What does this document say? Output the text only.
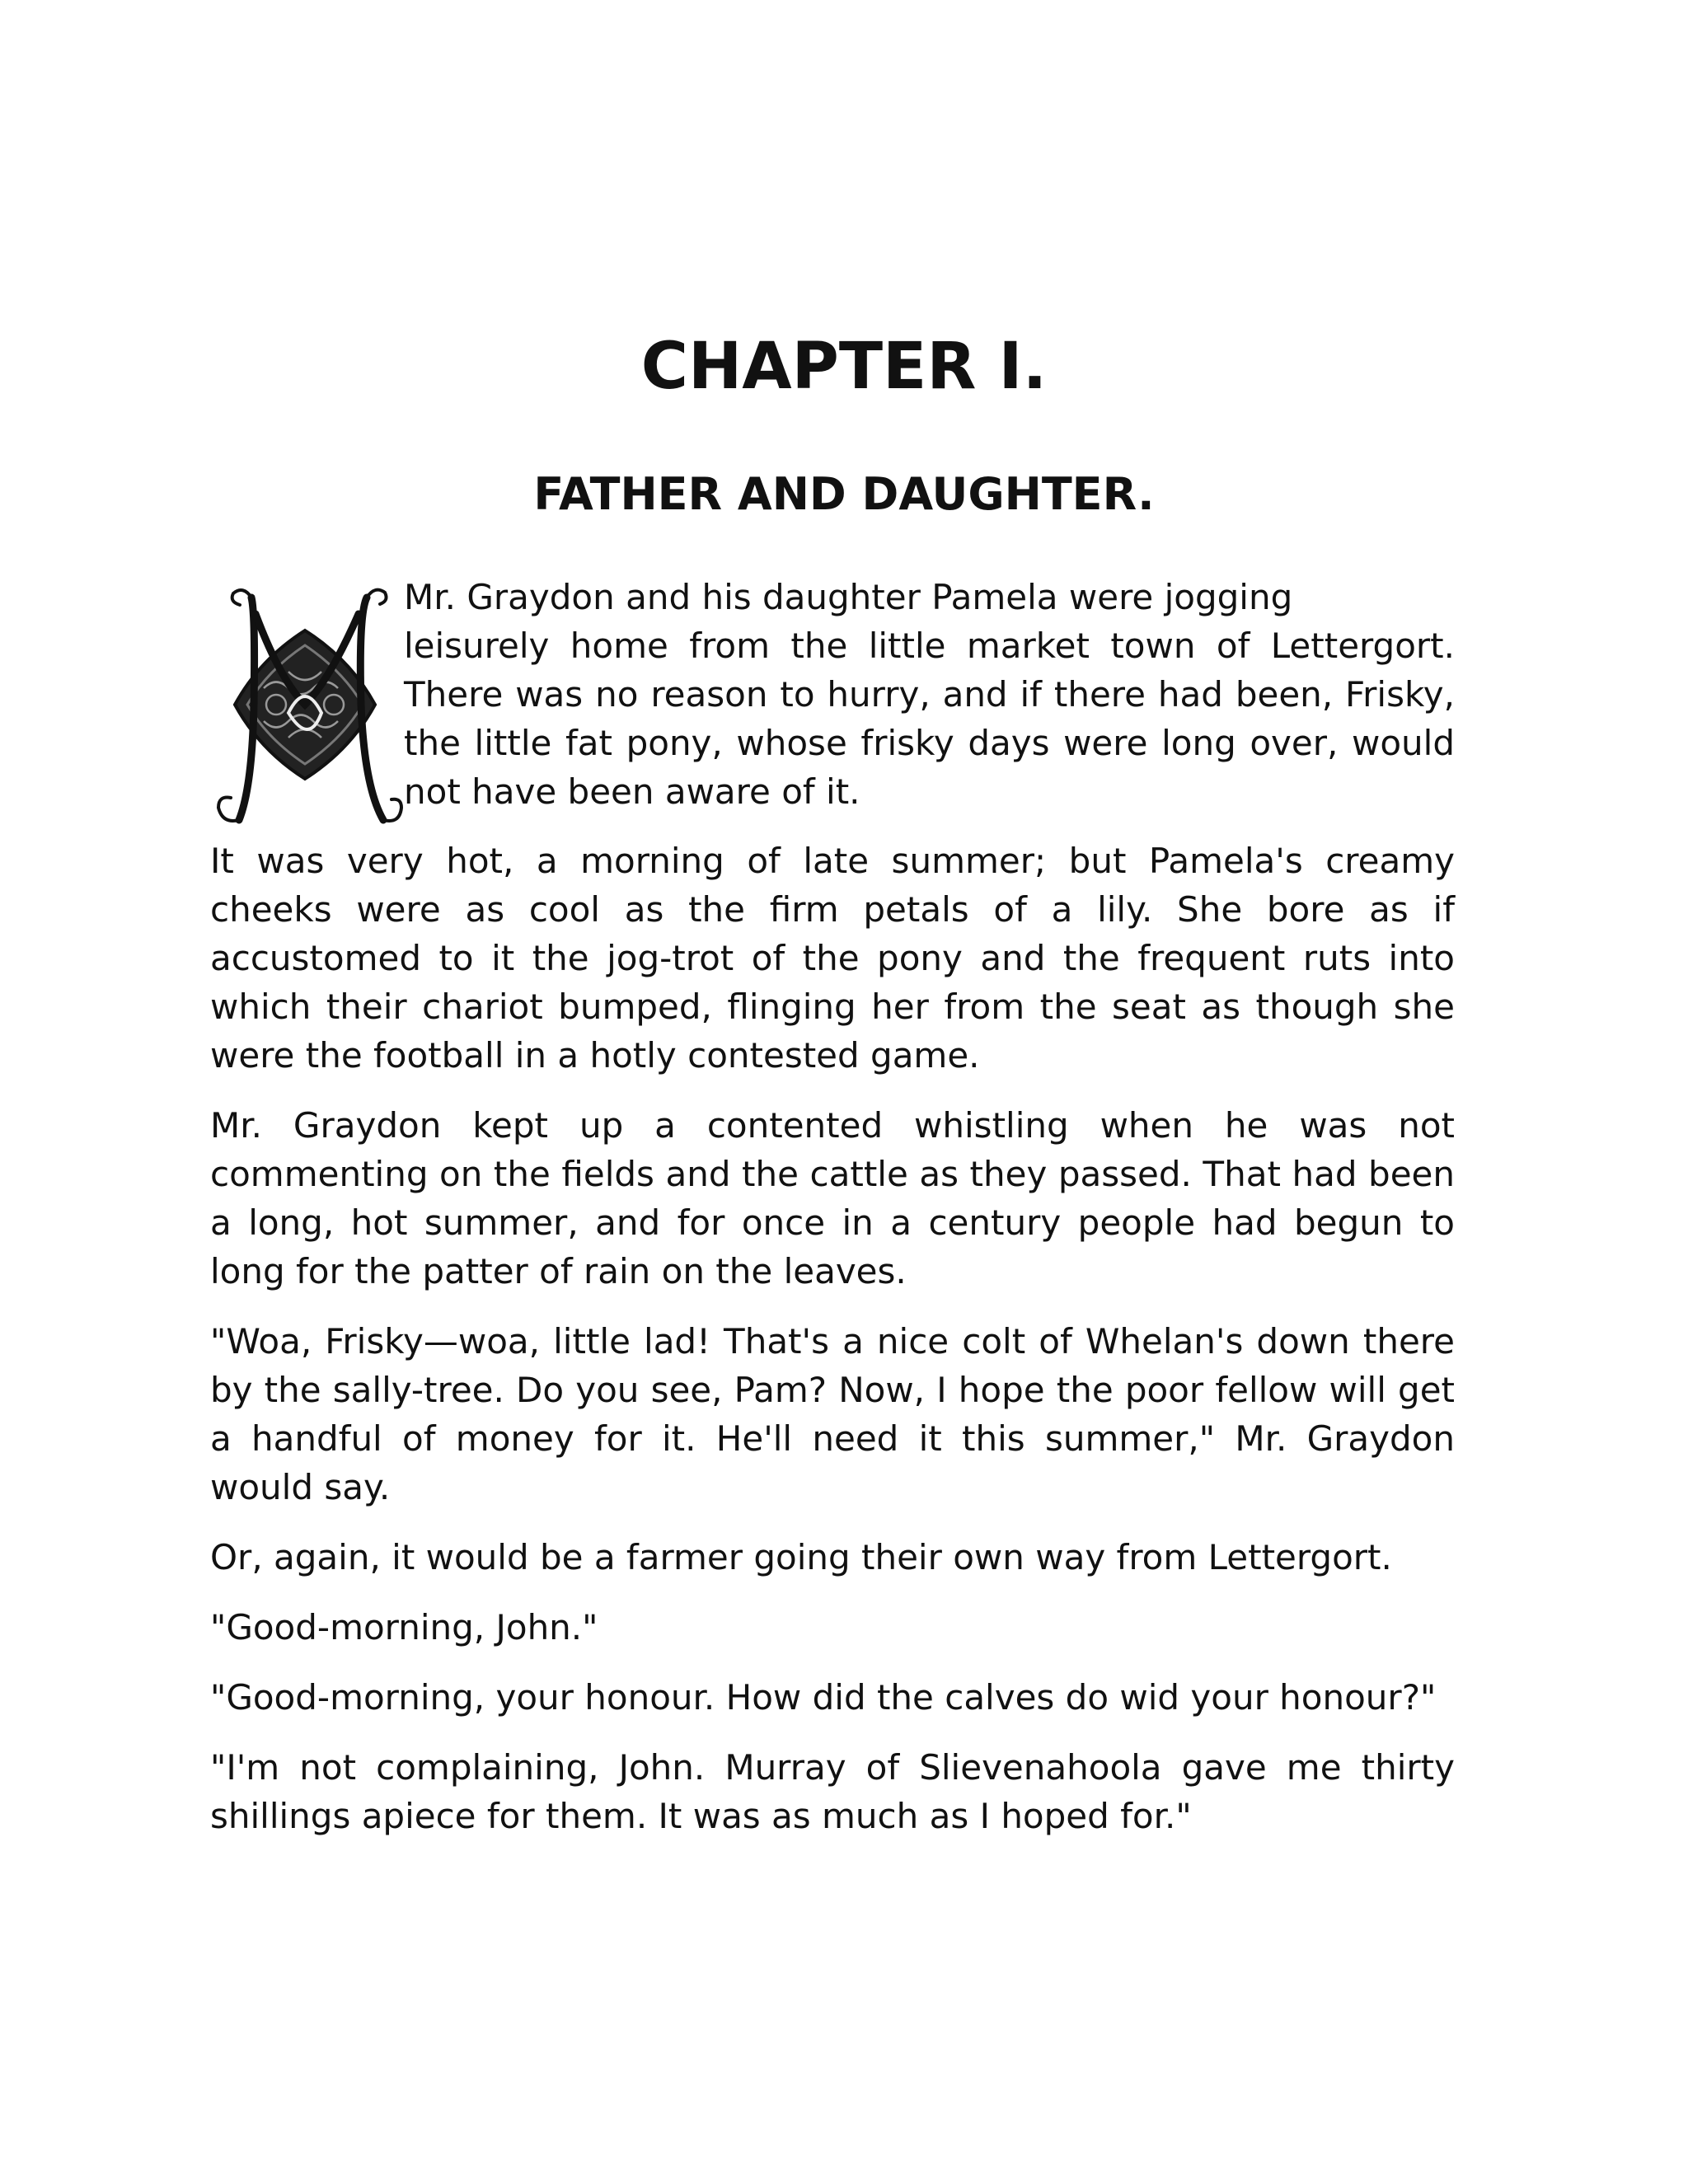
CHAPTER I.
FATHER AND DAUGHTER.
Mr. Graydon and his daughter Pamela were jogging
leisurely home from the little market town of Lettergort. There was no reason to hurry, and if there had been, Frisky, the little fat pony, whose frisky days were long over, would not have been aware of it.

It was very hot, a morning of late summer; but Pamela's creamy cheeks were as cool as the firm petals of a lily. She bore as if accustomed to it the jog-trot of the pony and the frequent ruts into which their chariot bumped, flinging her from the seat as though she were the football in a hotly contested game.

Mr. Graydon kept up a contented whistling when he was not commenting on the fields and the cattle as they passed. That had been a long, hot summer, and for once in a century people had begun to long for the patter of rain on the leaves.

"Woa, Frisky—woa, little lad! That's a nice colt of Whelan's down there by the sally-tree. Do you see, Pam? Now, I hope the poor fellow will get a handful of money for it. He'll need it this summer," Mr. Graydon would say.

Or, again, it would be a farmer going their own way from Lettergort.

"Good-morning, John."

"Good-morning, your honour. How did the calves do wid your honour?"

"I'm not complaining, John. Murray of Slievenahoola gave me thirty shillings apiece for them. It was as much as I hoped for."
